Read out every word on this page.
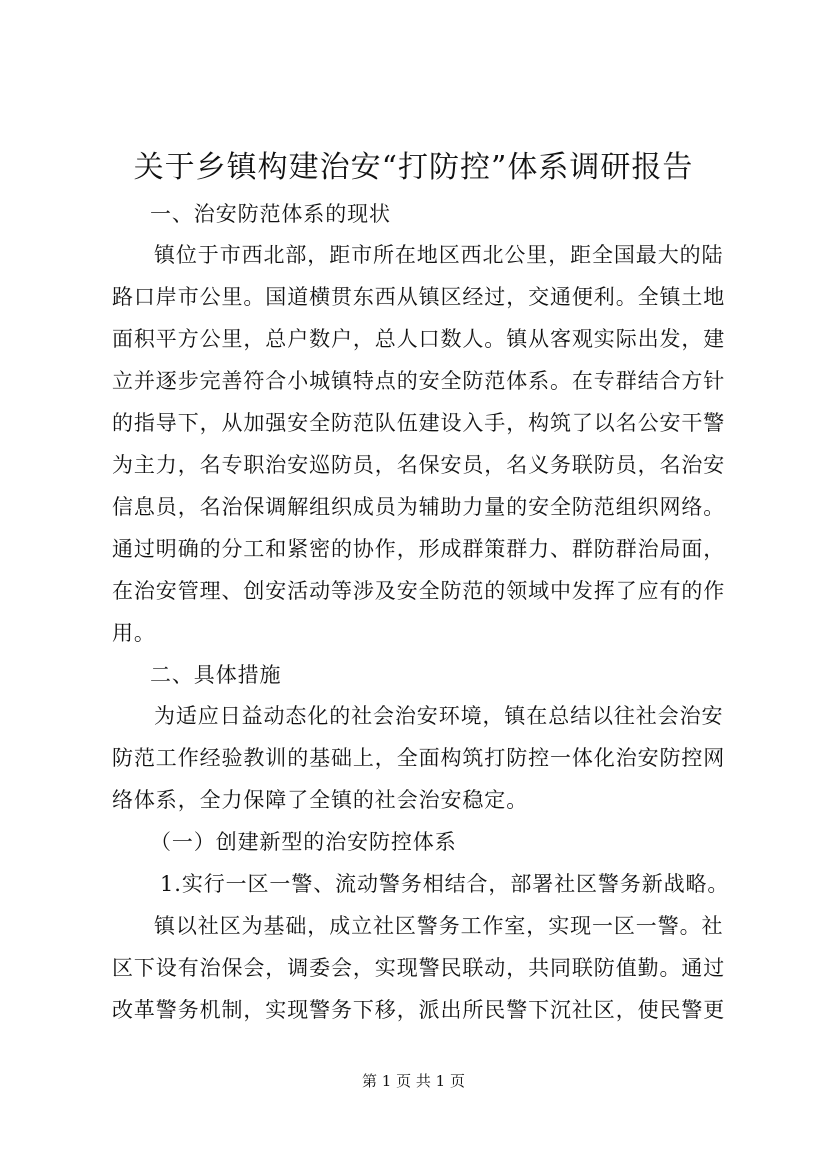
关于乡镇构建治安“打防控”体系调研报告
一、治安防范体系的现状
镇位于市西北部，距市所在地区西北公里，距全国最大的陆
路口岸市公里。国道横贯东西从镇区经过，交通便利。全镇土地
面积平方公里，总户数户，总人口数人。镇从客观实际出发，建
立并逐步完善符合小城镇特点的安全防范体系。在专群结合方针
的指导下，从加强安全防范队伍建设入手，构筑了以名公安干警
为主力，名专职治安巡防员，名保安员，名义务联防员，名治安
信息员，名治保调解组织成员为辅助力量的安全防范组织网络。
通过明确的分工和紧密的协作，形成群策群力、群防群治局面，
在治安管理、创安活动等涉及安全防范的领域中发挥了应有的作
用。
二、具体措施
为适应日益动态化的社会治安环境，镇在总结以往社会治安
防范工作经验教训的基础上，全面构筑打防控一体化治安防控网
络体系，全力保障了全镇的社会治安稳定。
（一）创建新型的治安防控体系
1.实行一区一警、流动警务相结合，部署社区警务新战略。
镇以社区为基础，成立社区警务工作室，实现一区一警。社
区下设有治保会，调委会，实现警民联动，共同联防值勤。通过
改革警务机制，实现警务下移，派出所民警下沉社区，使民警更
第 1 页 共 1 页
